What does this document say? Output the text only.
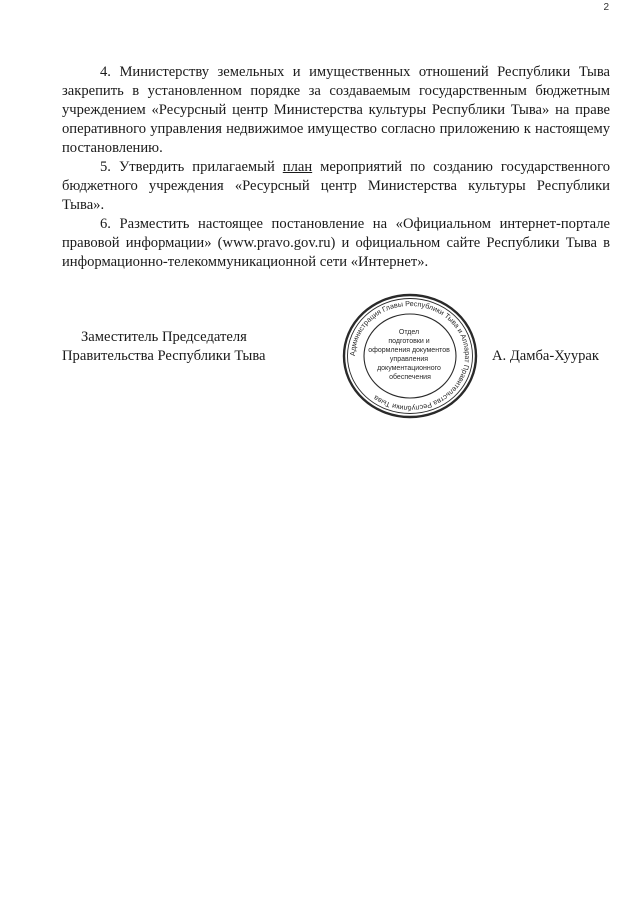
2

4. Министерству земельных и имущественных отношений Республики Тыва закрепить в установленном порядке за создаваемым государственным бюджетным учреждением «Ресурсный центр Министерства культуры Республики Тыва» на праве оперативного управления недвижимое имущество согласно приложению к настоящему постановлению.

5. Утвердить прилагаемый план мероприятий по созданию государственного бюджетного учреждения «Ресурсный центр Министерства культуры Республики Тыва».

6. Разместить настоящее постановление на «Официальном интернет-портале правовой информации» (www.pravo.gov.ru) и официальном сайте Республики Тыва в информационно-телекоммуникационной сети «Интернет».

Заместитель Председателя
Правительства Республики Тыва	Администрация Главы Республики Тыва и Аппарат Правительства Республики Тыва
Отдел подготовки и оформления документов управления документационного обеспечения
А. Дамба-Хуурак
